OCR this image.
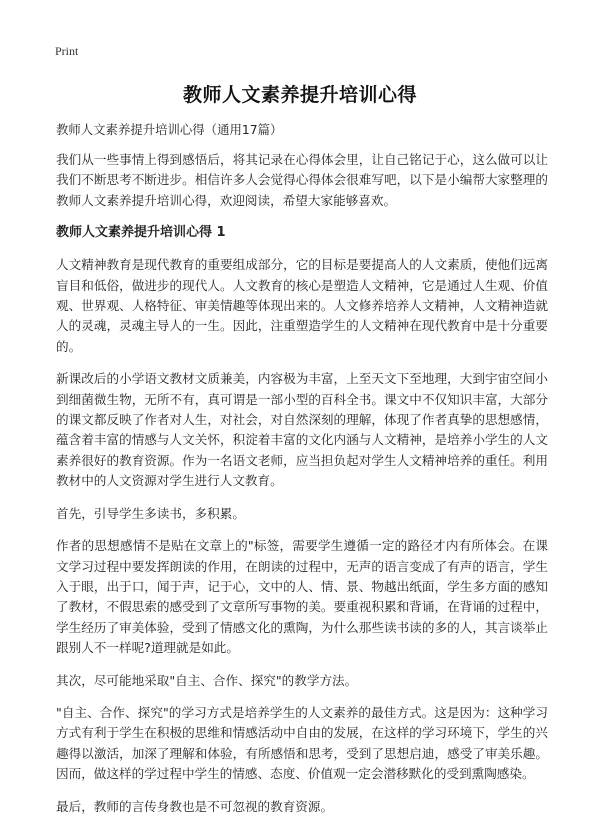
Print
教师人文素养提升培训心得
教师人文素养提升培训心得（通用17篇）

我们从一些事情上得到感悟后，将其记录在心得体会里，让自己铭记于心，这么做可以让我们不断思考不断进步。相信许多人会觉得心得体会很难写吧，以下是小编帮大家整理的教师人文素养提升培训心得，欢迎阅读，希望大家能够喜欢。

教师人文素养提升培训心得 1

人文精神教育是现代教育的重要组成部分，它的目标是要提高人的人文素质，使他们远离盲目和低俗，做进步的现代人。人文教育的核心是塑造人文精神，它是通过人生观、价值观、世界观、人格特征、审美情趣等体现出来的。人文修养培养人文精神，人文精神造就人的灵魂，灵魂主导人的一生。因此，注重塑造学生的人文精神在现代教育中是十分重要的。

新课改后的小学语文教材文质兼美，内容极为丰富，上至天文下至地理，大到宇宙空间小到细菌微生物，无所不有，真可谓是一部小型的百科全书。课文中不仅知识丰富，大部分的课文都反映了作者对人生，对社会，对自然深刻的理解，体现了作者真挚的思想感情，蕴含着丰富的情感与人文关怀，积淀着丰富的文化内涵与人文精神，是培养小学生的人文素养很好的教育资源。作为一名语文老师，应当担负起对学生人文精神培养的重任。利用教材中的人文资源对学生进行人文教育。

首先，引导学生多读书，多积累。

作者的思想感情不是贴在文章上的"标签，需要学生遵循一定的路径才内有所体会。在课文学习过程中要发挥朗读的作用，在朗读的过程中，无声的语言变成了有声的语言，学生入于眼，出于口，闻于声，记于心，文中的人、情、景、物越出纸面，学生多方面的感知了教材，不假思索的感受到了文章所写事物的美。要重视积累和背诵，在背诵的过程中，学生经历了审美体验，受到了情感文化的熏陶，为什么那些读书读的多的人，其言谈举止跟别人不一样呢?道理就是如此。

其次，尽可能地采取"自主、合作、探究"的教学方法。

"自主、合作、探究"的学习方式是培养学生的人文素养的最佳方式。这是因为：这种学习方式有利于学生在积极的思维和情感活动中自由的发展，在这样的学习环境下，学生的兴趣得以激活，加深了理解和体验，有所感悟和思考，受到了思想启迪，感受了审美乐趣。因而，做这样的学过程中学生的情感、态度、价值观一定会潜移默化的受到熏陶感染。

最后，教师的言传身教也是不可忽视的教育资源。
